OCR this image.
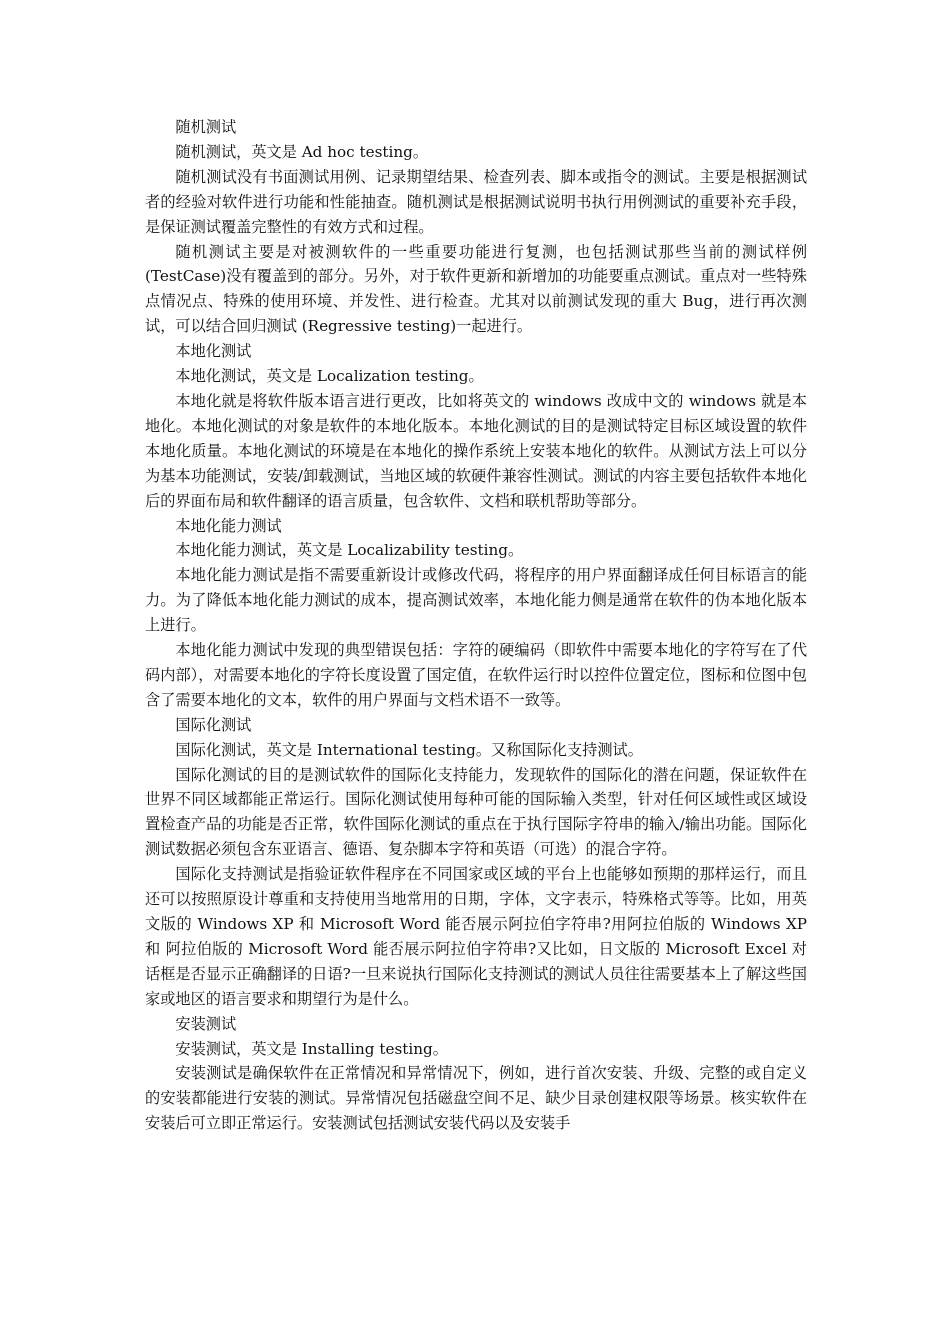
随机测试

随机测试，英文是 Ad hoc testing。

随机测试没有书面测试用例、记录期望结果、检查列表、脚本或指令的测试。主要是根据测试者的经验对软件进行功能和性能抽查。随机测试是根据测试说明书执行用例测试的重要补充手段，是保证测试覆盖完整性的有效方式和过程。

随机测试主要是对被测软件的一些重要功能进行复测，也包括测试那些当前的测试样例(TestCase)没有覆盖到的部分。另外，对于软件更新和新增加的功能要重点测试。重点对一些特殊点情况点、特殊的使用环境、并发性、进行检查。尤其对以前测试发现的重大 Bug，进行再次测试，可以结合回归测试 (Regressive testing)一起进行。

本地化测试

本地化测试，英文是 Localization testing。

本地化就是将软件版本语言进行更改，比如将英文的 windows 改成中文的 windows 就是本地化。本地化测试的对象是软件的本地化版本。本地化测试的目的是测试特定目标区域设置的软件本地化质量。本地化测试的环境是在本地化的操作系统上安装本地化的软件。从测试方法上可以分为基本功能测试，安装/卸载测试，当地区域的软硬件兼容性测试。测试的内容主要包括软件本地化后的界面布局和软件翻译的语言质量，包含软件、文档和联机帮助等部分。

本地化能力测试

本地化能力测试，英文是 Localizability testing。

本地化能力测试是指不需要重新设计或修改代码，将程序的用户界面翻译成任何目标语言的能力。为了降低本地化能力测试的成本，提高测试效率，本地化能力侧是通常在软件的伪本地化版本上进行。

本地化能力测试中发现的典型错误包括：字符的硬编码（即软件中需要本地化的字符写在了代码内部），对需要本地化的字符长度设置了国定值，在软件运行时以控件位置定位，图标和位图中包含了需要本地化的文本，软件的用户界面与文档术语不一致等。

国际化测试

国际化测试，英文是 International testing。又称国际化支持测试。

国际化测试的目的是测试软件的国际化支持能力，发现软件的国际化的潜在问题，保证软件在世界不同区域都能正常运行。国际化测试使用每种可能的国际输入类型，针对任何区域性或区域设置检查产品的功能是否正常，软件国际化测试的重点在于执行国际字符串的输入/输出功能。国际化测试数据必须包含东亚语言、德语、复杂脚本字符和英语（可选）的混合字符。

国际化支持测试是指验证软件程序在不同国家或区域的平台上也能够如预期的那样运行，而且还可以按照原设计尊重和支持使用当地常用的日期，字体，文字表示，特殊格式等等。比如，用英文版的 Windows XP 和 Microsoft Word 能否展示阿拉伯字符串?用阿拉伯版的 Windows XP 和 阿拉伯版的 Microsoft Word 能否展示阿拉伯字符串?又比如，日文版的 Microsoft Excel 对话框是否显示正确翻译的日语?一旦来说执行国际化支持测试的测试人员往往需要基本上了解这些国家或地区的语言要求和期望行为是什么。

安装测试

安装测试，英文是 Installing testing。

安装测试是确保软件在正常情况和异常情况下，例如，进行首次安装、升级、完整的或自定义的安装都能进行安装的测试。异常情况包括磁盘空间不足、缺少目录创建权限等场景。核实软件在安装后可立即正常运行。安装测试包括测试安装代码以及安装手
